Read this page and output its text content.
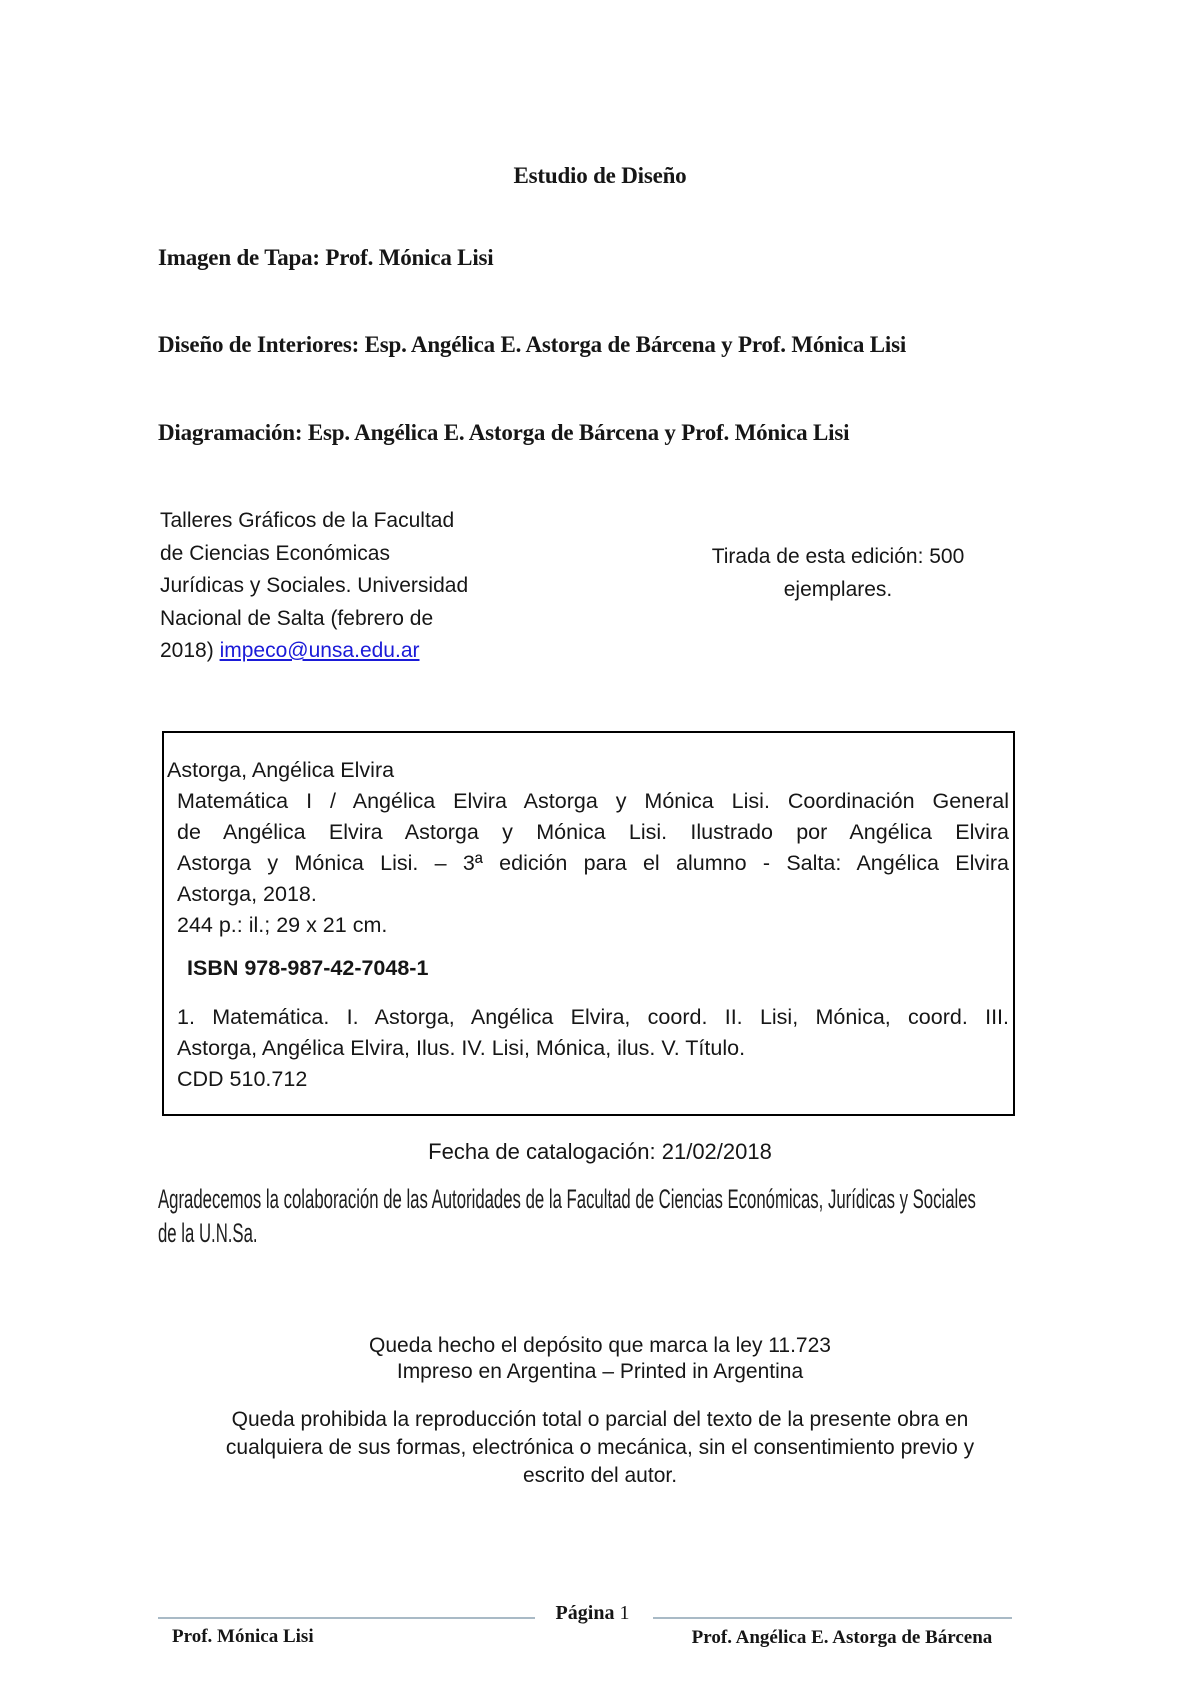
Estudio de Diseño
Imagen de Tapa: Prof. Mónica Lisi
Diseño de Interiores: Esp. Angélica E. Astorga de Bárcena y Prof. Mónica Lisi
Diagramación: Esp. Angélica E. Astorga de Bárcena y Prof. Mónica Lisi
Talleres Gráficos de la Facultad
de Ciencias Económicas
Jurídicas y Sociales. Universidad
Nacional de Salta (febrero de
2018) impeco@unsa.edu.ar
Tirada de esta edición: 500
ejemplares.
Astorga, Angélica Elvira
Matemática I / Angélica Elvira Astorga y Mónica Lisi. Coordinación General
de Angélica Elvira Astorga y Mónica Lisi. Ilustrado por Angélica Elvira
Astorga y Mónica Lisi. – 3ª edición para el alumno - Salta: Angélica Elvira
Astorga, 2018.
244 p.: il.; 29 x 21 cm.
ISBN 978-987-42-7048-1
1. Matemática. I. Astorga, Angélica Elvira, coord. II. Lisi, Mónica, coord. III.
Astorga, Angélica Elvira, Ilus. IV. Lisi, Mónica, ilus. V. Título.
CDD 510.712
Fecha de catalogación: 21/02/2018
Agradecemos la colaboración de las Autoridades de la Facultad de Ciencias Económicas, Jurídicas y Sociales
de la U.N.Sa.
Queda hecho el depósito que marca la ley 11.723
Impreso en Argentina – Printed in Argentina
Queda prohibida la reproducción total o parcial del texto de la presente obra en
cualquiera de sus formas, electrónica o mecánica, sin el consentimiento previo y
escrito del autor.
Página 1
Prof. Mónica Lisi	Prof. Angélica E. Astorga de Bárcena
